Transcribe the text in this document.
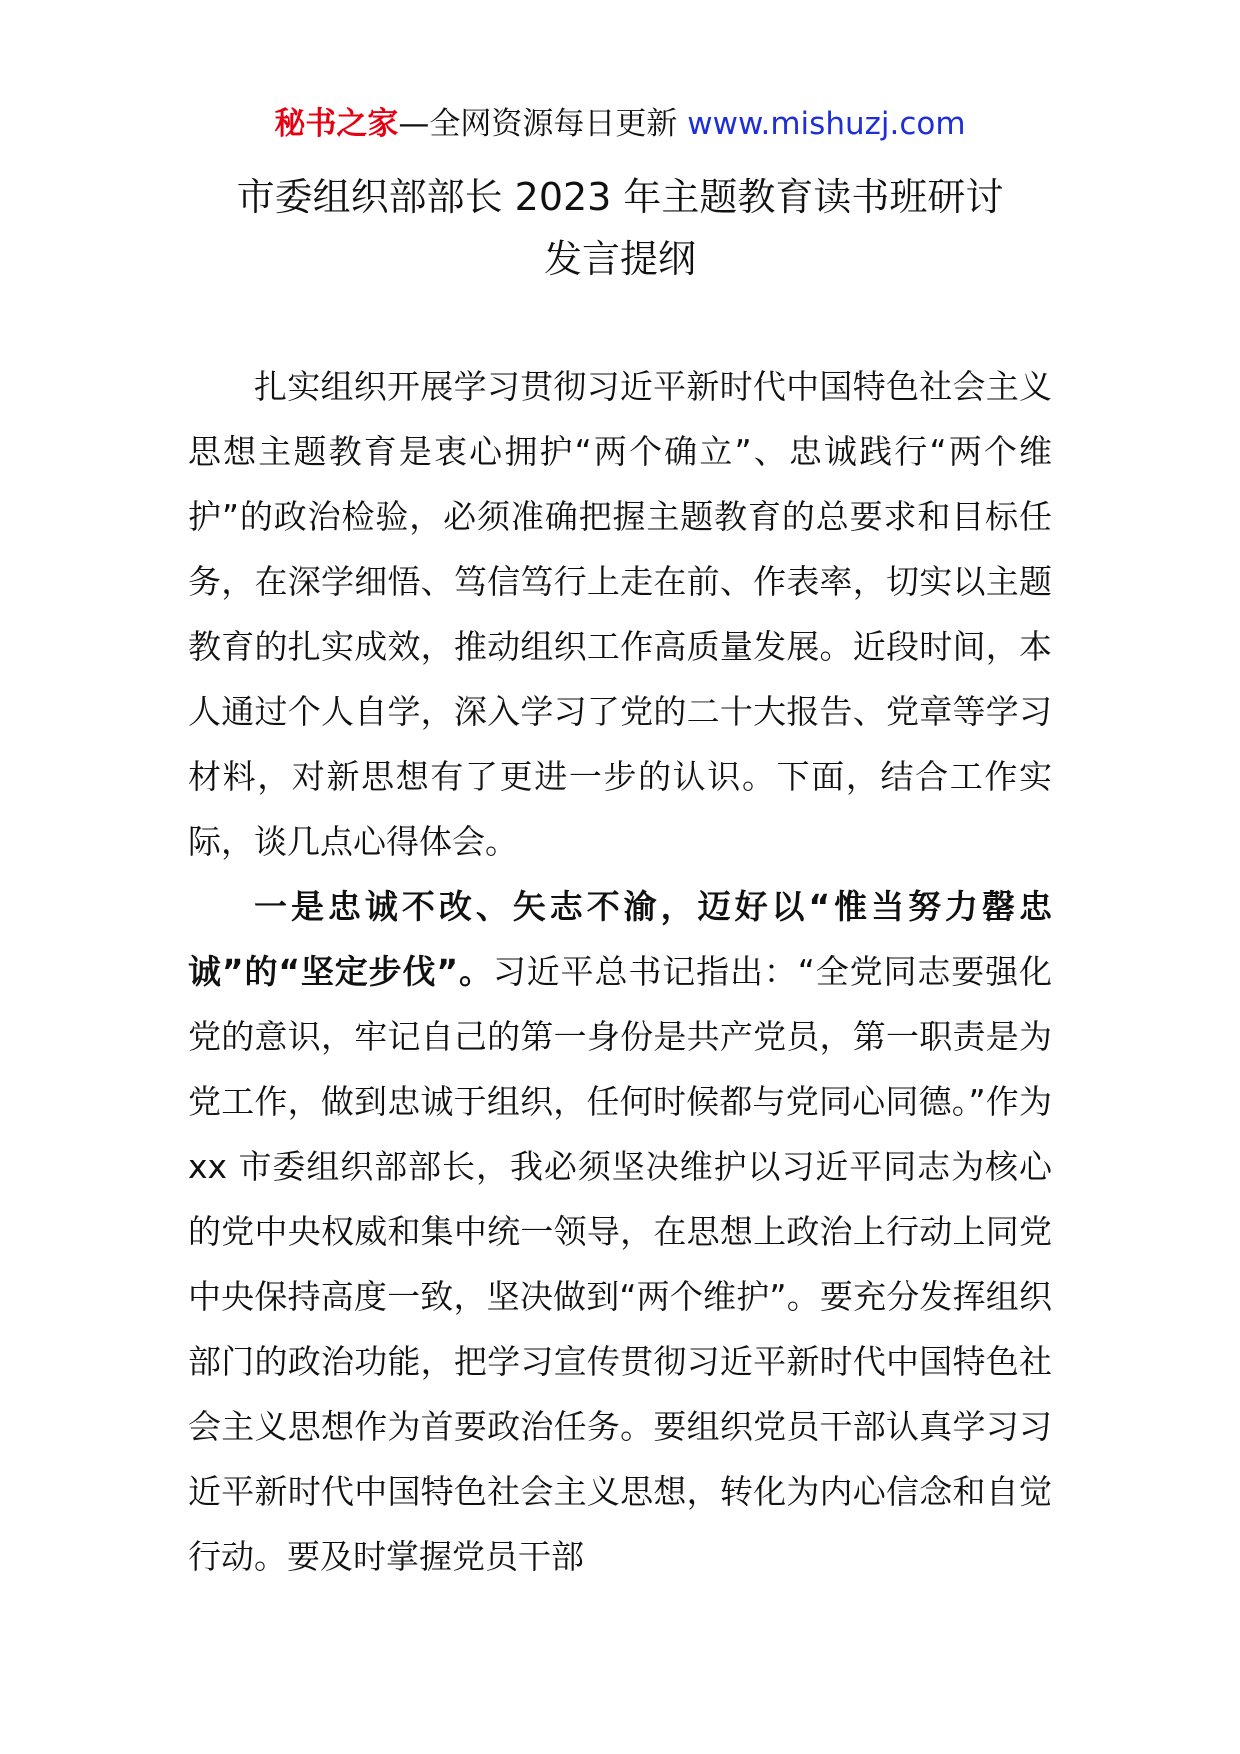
秘书之家—全网资源每日更新 www.mishuzj.com
市委组织部部长 2023 年主题教育读书班研讨
发言提纲

扎实组织开展学习贯彻习近平新时代中国特色社会主义思想主题教育是衷心拥护“两个确立”、忠诚践行“两个维护”的政治检验，必须准确把握主题教育的总要求和目标任务，在深学细悟、笃信笃行上走在前、作表率，切实以主题教育的扎实成效，推动组织工作高质量发展。近段时间，本人通过个人自学，深入学习了党的二十大报告、党章等学习材料，对新思想有了更进一步的认识。下面，结合工作实际，谈几点心得体会。

一是忠诚不改、矢志不渝，迈好以“惟当努力罄忠诚”的“坚定步伐”。习近平总书记指出：“全党同志要强化党的意识，牢记自己的第一身份是共产党员，第一职责是为党工作，做到忠诚于组织，任何时候都与党同心同德。”作为 xx 市委组织部部长，我必须坚决维护以习近平同志为核心的党中央权威和集中统一领导，在思想上政治上行动上同党中央保持高度一致，坚决做到“两个维护”。要充分发挥组织部门的政治功能，把学习宣传贯彻习近平新时代中国特色社会主义思想作为首要政治任务。要组织党员干部认真学习习近平新时代中国特色社会主义思想，转化为内心信念和自觉行动。要及时掌握党员干部
